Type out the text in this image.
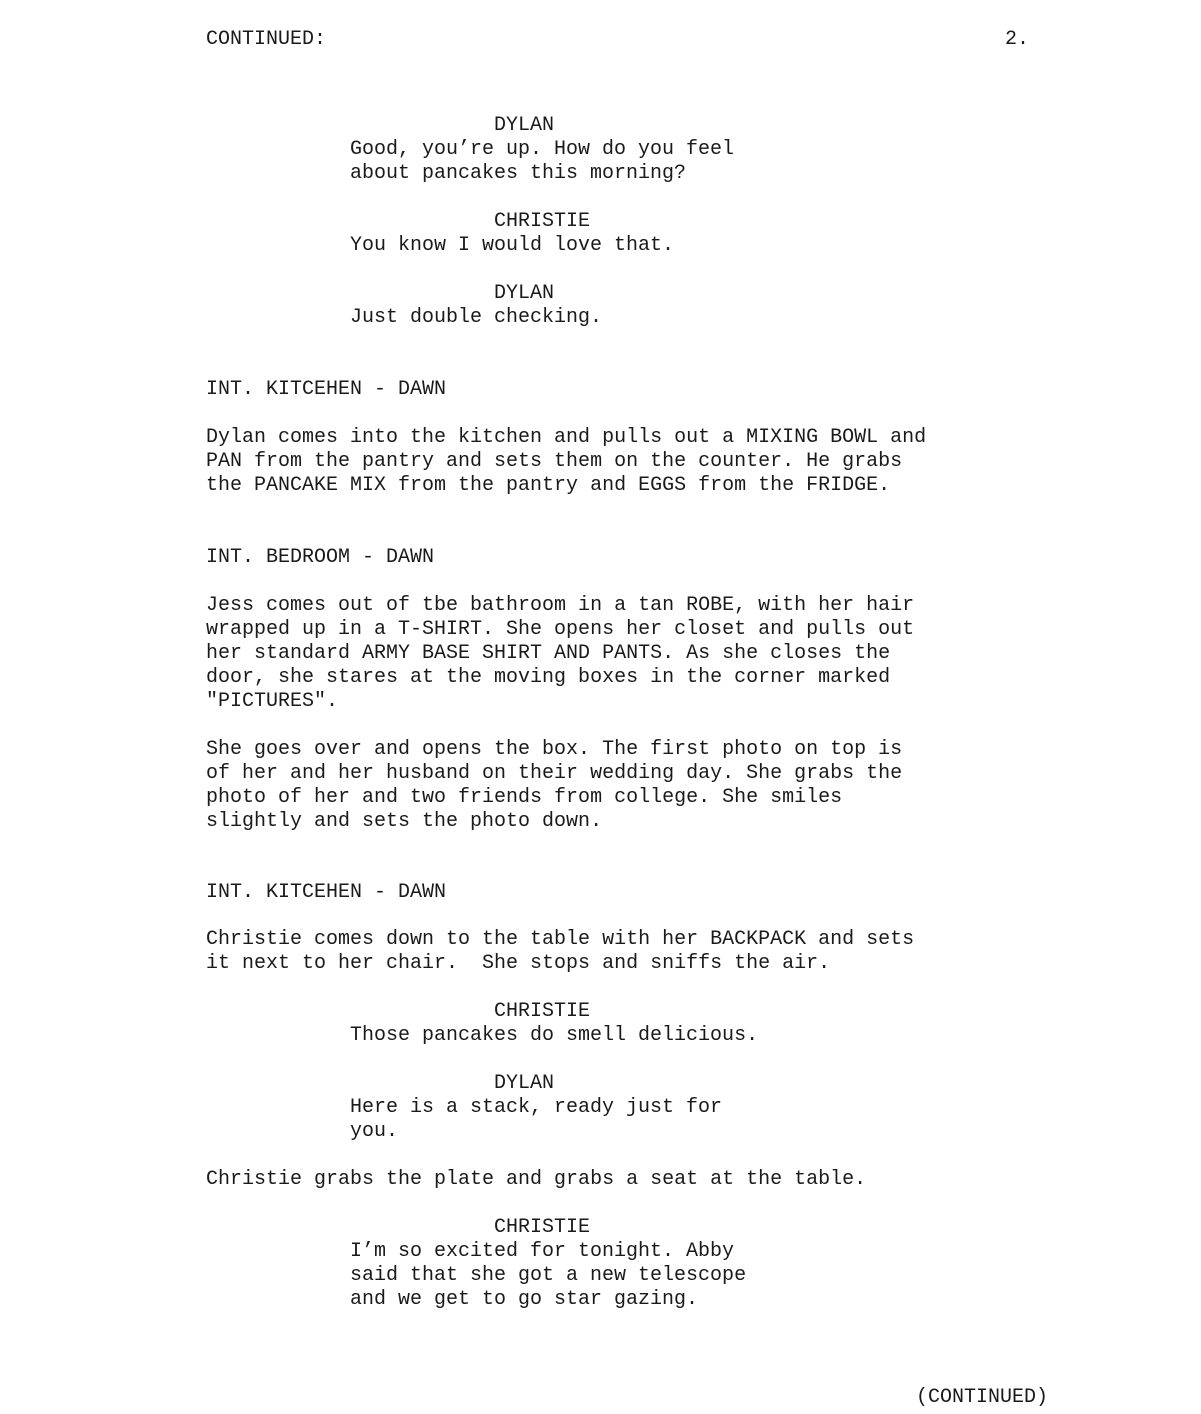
CONTINUED:	2.
DYLAN
Good, you’re up. How do you feel
about pancakes this morning?
CHRISTIE
You know I would love that.
DYLAN
Just double checking.
INT. KITCEHEN - DAWN
Dylan comes into the kitchen and pulls out a MIXING BOWL and
PAN from the pantry and sets them on the counter. He grabs
the PANCAKE MIX from the pantry and EGGS from the FRIDGE.
INT. BEDROOM - DAWN
Jess comes out of tbe bathroom in a tan ROBE, with her hair
wrapped up in a T-SHIRT. She opens her closet and pulls out
her standard ARMY BASE SHIRT AND PANTS. As she closes the
door, she stares at the moving boxes in the corner marked
"PICTURES".
She goes over and opens the box. The first photo on top is
of her and her husband on their wedding day. She grabs the
photo of her and two friends from college. She smiles
slightly and sets the photo down.
INT. KITCEHEN - DAWN
Christie comes down to the table with her BACKPACK and sets
it next to her chair.  She stops and sniffs the air.
CHRISTIE
Those pancakes do smell delicious.
DYLAN
Here is a stack, ready just for
you.
Christie grabs the plate and grabs a seat at the table.
CHRISTIE
I’m so excited for tonight. Abby
said that she got a new telescope
and we get to go star gazing.
(CONTINUED)
